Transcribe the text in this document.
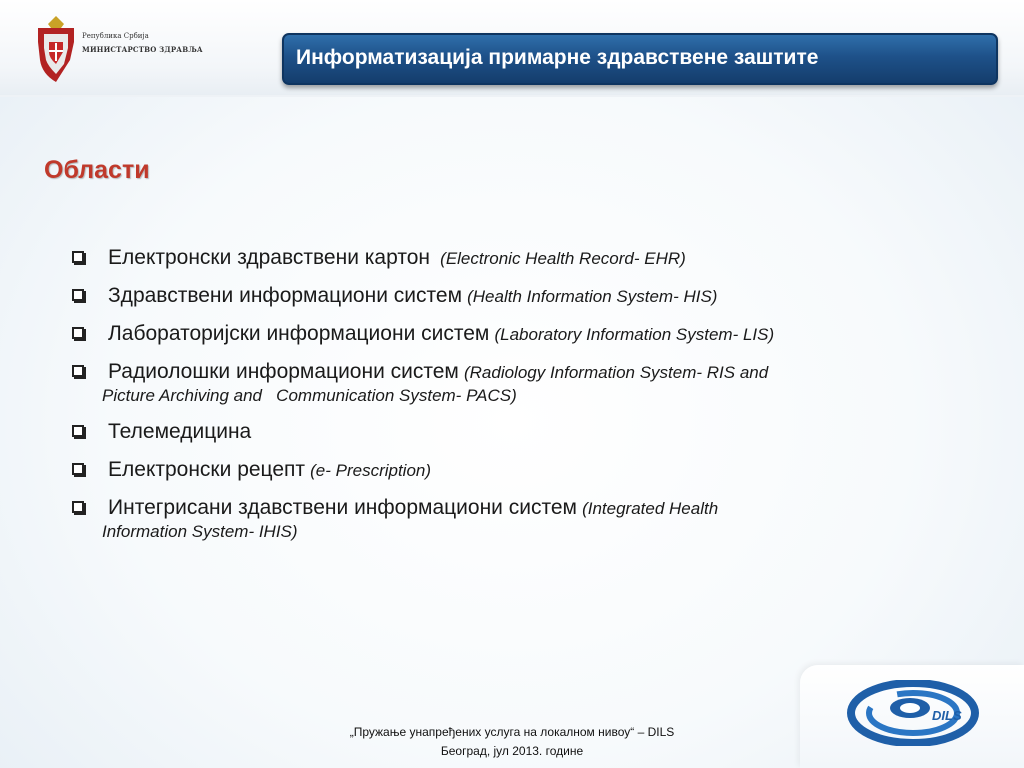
Република Србија
МИНИСТАРСТВО ЗДРАВЉА	Информатизација примарне здравствене заштите
Области
Електронски здравствени картон (Electronic Health Record- EHR)
Здравствени информациони систем (Health Information System- HIS)
Лабораторијски информациони систем (Laboratory Information System- LIS)
Радиолошки информациони систем (Radiology Information System- RIS and
Picture Archiving and   Communication System- PACS)
Телемедицина
Електронски рецепт (e- Prescription)
Интегрисани здавствени информациони систем (Integrated Health
Information System- IHIS)
DILS
„Пружање унапређених услуга на локалном нивоу“ – DILS
Београд, јул 2013. године
